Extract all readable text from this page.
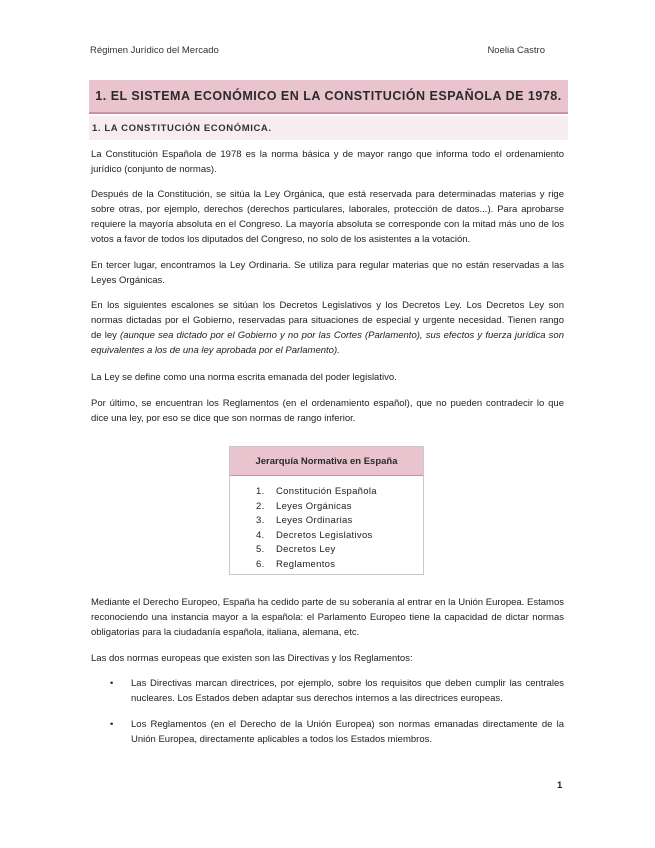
Régimen Jurídico del Mercado	Noelia Castro
1. EL SISTEMA ECONÓMICO EN LA CONSTITUCIÓN ESPAÑOLA DE 1978.
1. LA CONSTITUCIÓN ECONÓMICA.
La Constitución Española de 1978 es la norma básica y de mayor rango que informa todo el ordenamiento jurídico (conjunto de normas).
Después de la Constitución, se sitúa la Ley Orgánica, que está reservada para determinadas materias y rige sobre otras, por ejemplo, derechos (derechos particulares, laborales, protección de datos...). Para aprobarse requiere la mayoría absoluta en el Congreso. La mayoría absoluta se corresponde con la mitad más uno de los votos a favor de todos los diputados del Congreso, no solo de los asistentes a la votación.
En tercer lugar, encontramos la Ley Ordinaria. Se utiliza para regular materias que no están reservadas a las Leyes Orgánicas.
En los siguientes escalones se sitúan los Decretos Legislativos y los Decretos Ley. Los Decretos Ley son normas dictadas por el Gobierno, reservadas para situaciones de especial y urgente necesidad. Tienen rango de ley (aunque sea dictado por el Gobierno y no por las Cortes (Parlamento), sus efectos y fuerza jurídica son equivalentes a los de una ley aprobada por el Parlamento).
La Ley se define como una norma escrita emanada del poder legislativo.
Por último, se encuentran los Reglamentos (en el ordenamiento español), que no pueden contradecir lo que dice una ley, por eso se dice que son normas de rango inferior.
Jerarquía Normativa en España
1.	Constitución Española
2.	Leyes Orgánicas
3.	Leyes Ordinarias
4.	Decretos Legislativos
5.	Decretos Ley
6.	Reglamentos
Mediante el Derecho Europeo, España ha cedido parte de su soberanía al entrar en la Unión Europea. Estamos reconociendo una instancia mayor a la española: el Parlamento Europeo tiene la capacidad de dictar normas obligatorias para la ciudadanía española, italiana, alemana, etc.
Las dos normas europeas que existen son las Directivas y los Reglamentos:
• Las Directivas marcan directrices, por ejemplo, sobre los requisitos que deben cumplir las centrales nucleares. Los Estados deben adaptar sus derechos internos a las directrices europeas.
• Los Reglamentos (en el Derecho de la Unión Europea) son normas emanadas directamente de la Unión Europea, directamente aplicables a todos los Estados miembros.
1
